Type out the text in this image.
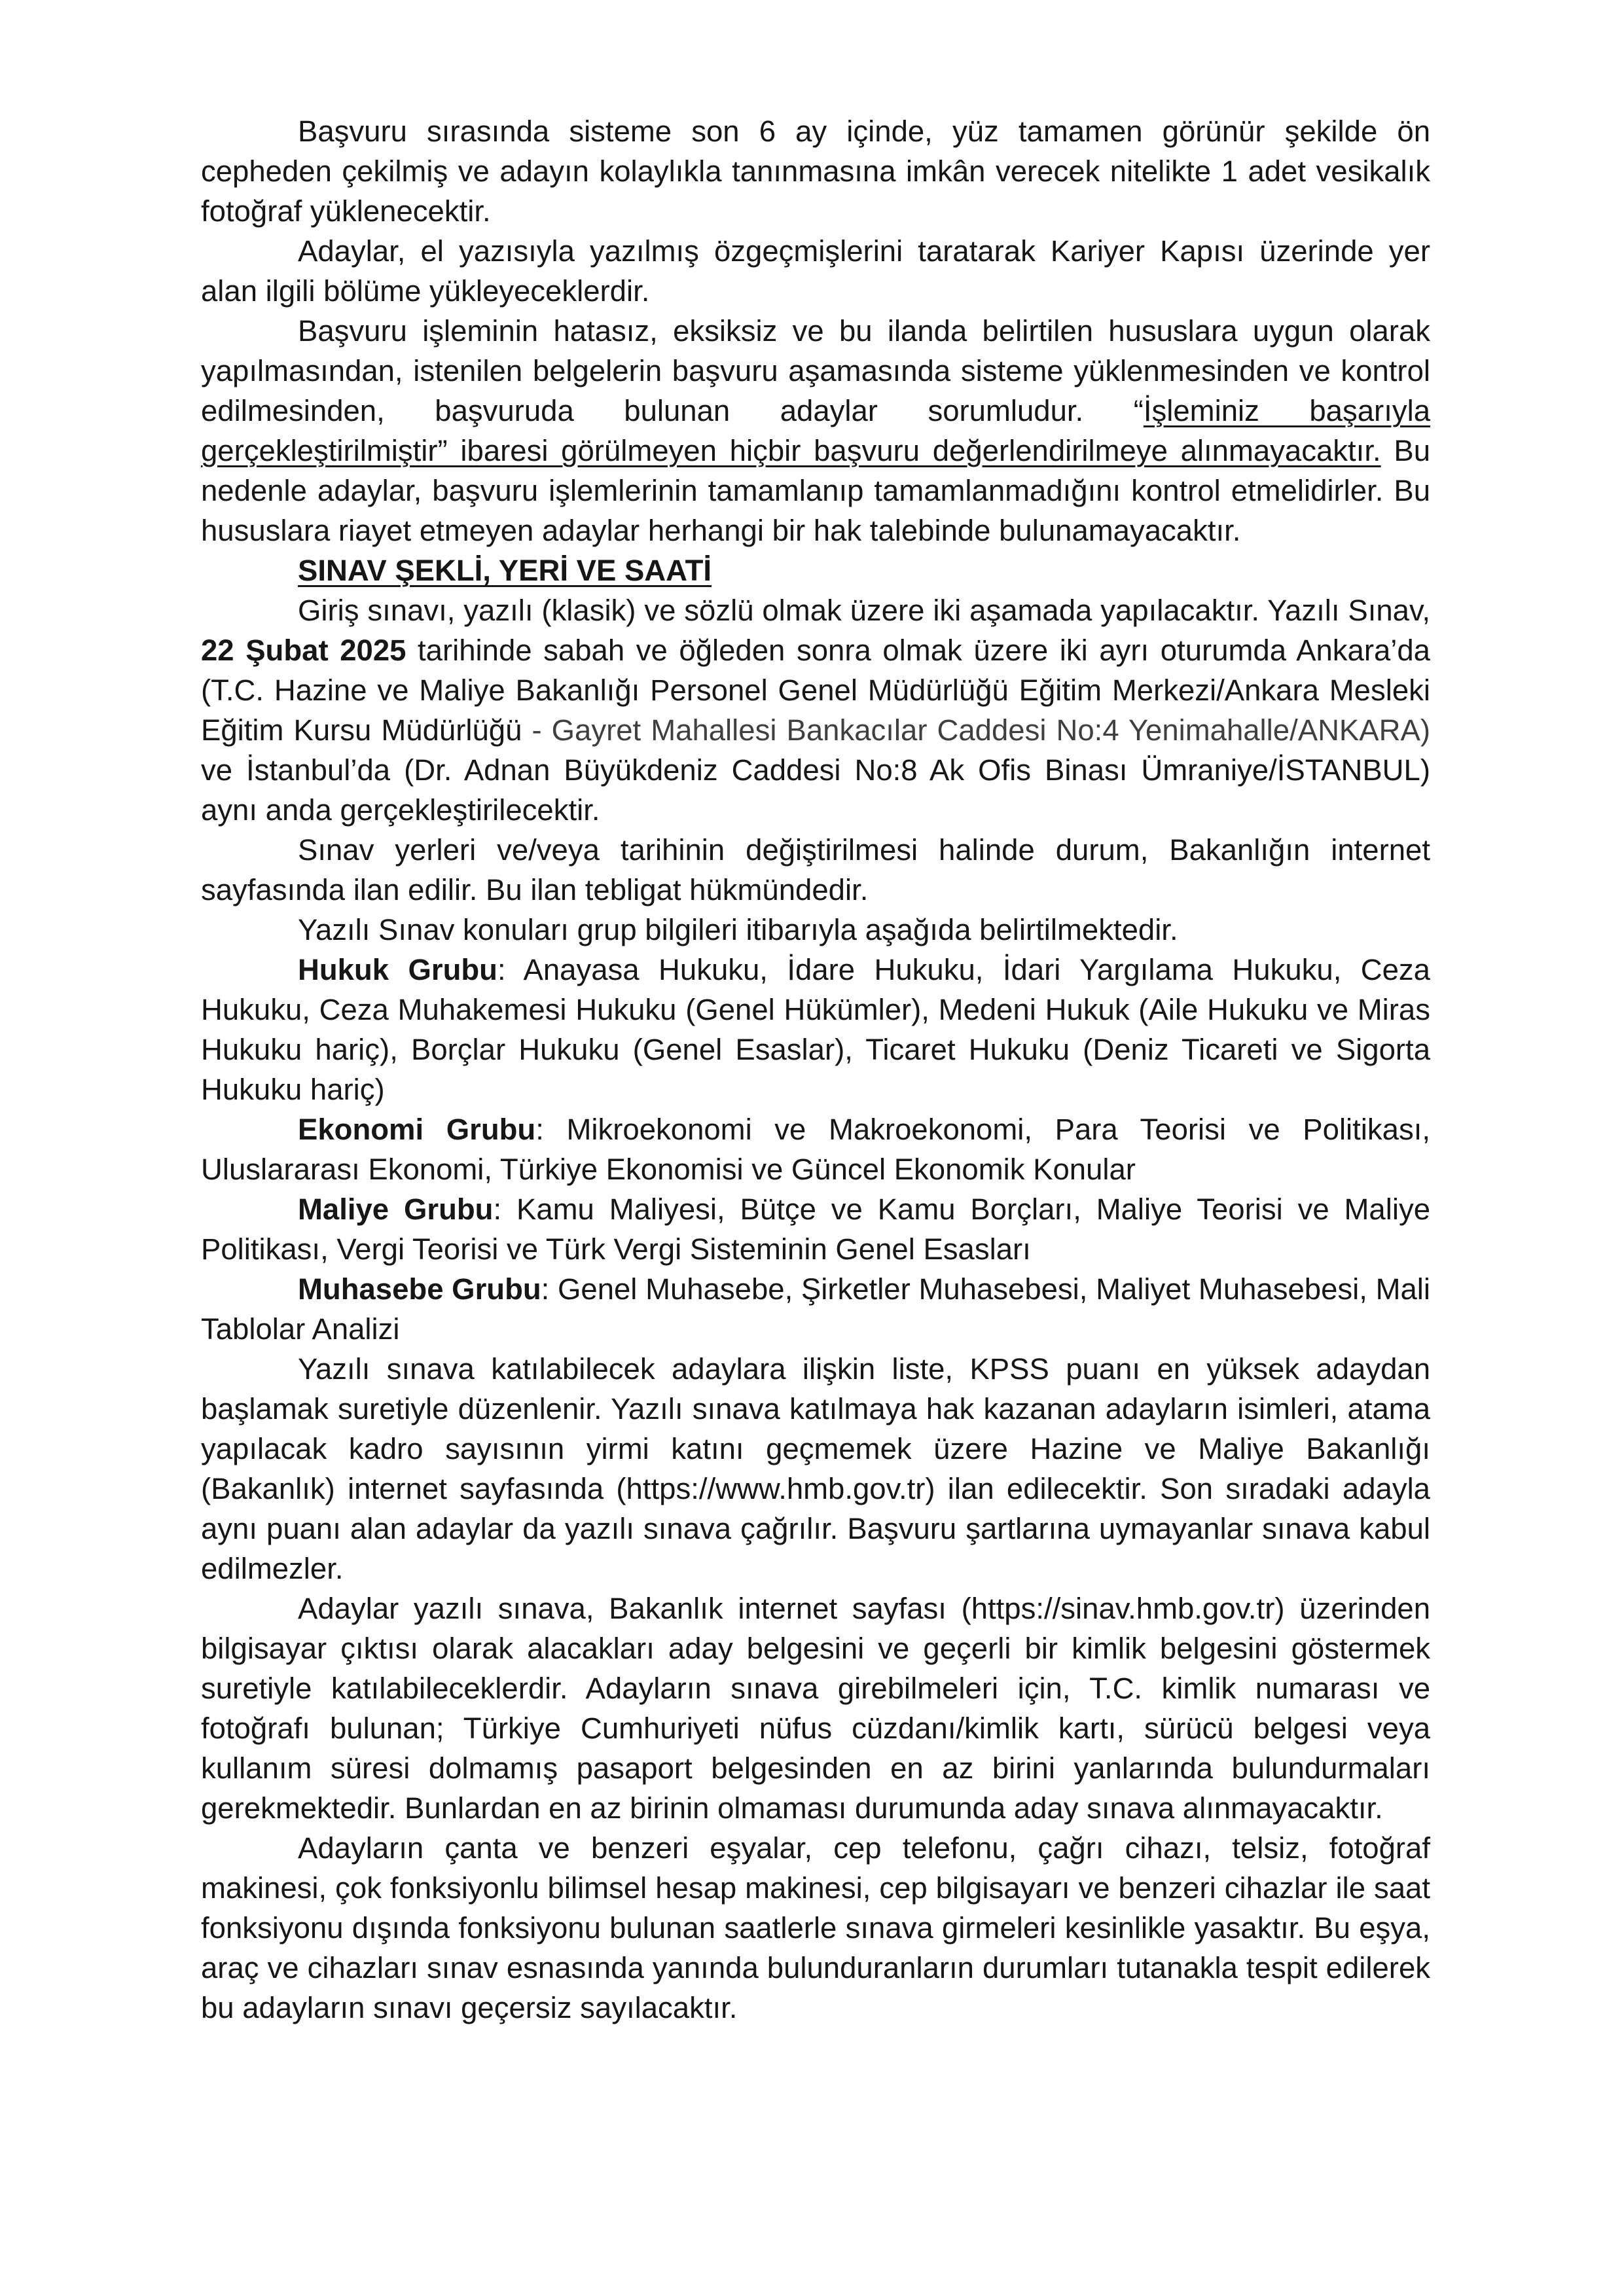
Başvuru sırasında sisteme son 6 ay içinde, yüz tamamen görünür şekilde ön cepheden çekilmiş ve adayın kolaylıkla tanınmasına imkân verecek nitelikte 1 adet vesikalık fotoğraf yüklenecektir.

Adaylar, el yazısıyla yazılmış özgeçmişlerini taratarak Kariyer Kapısı üzerinde yer alan ilgili bölüme yükleyeceklerdir.

Başvuru işleminin hatasız, eksiksiz ve bu ilanda belirtilen hususlara uygun olarak yapılmasından, istenilen belgelerin başvuru aşamasında sisteme yüklenmesinden ve kontrol edilmesinden, başvuruda bulunan adaylar sorumludur. “İşleminiz başarıyla gerçekleştirilmiştir” ibaresi görülmeyen hiçbir başvuru değerlendirilmeye alınmayacaktır. Bu nedenle adaylar, başvuru işlemlerinin tamamlanıp tamamlanmadığını kontrol etmelidirler. Bu hususlara riayet etmeyen adaylar herhangi bir hak talebinde bulunamayacaktır.

SINAV ŞEKLİ, YERİ VE SAATİ

Giriş sınavı, yazılı (klasik) ve sözlü olmak üzere iki aşamada yapılacaktır. Yazılı Sınav, 22 Şubat 2025 tarihinde sabah ve öğleden sonra olmak üzere iki ayrı oturumda Ankara’da (T.C. Hazine ve Maliye Bakanlığı Personel Genel Müdürlüğü Eğitim Merkezi/Ankara Mesleki Eğitim Kursu Müdürlüğü - Gayret Mahallesi Bankacılar Caddesi No:4 Yenimahalle/ANKARA) ve İstanbul’da (Dr. Adnan Büyükdeniz Caddesi No:8 Ak Ofis Binası Ümraniye/İSTANBUL) aynı anda gerçekleştirilecektir.

Sınav yerleri ve/veya tarihinin değiştirilmesi halinde durum, Bakanlığın internet sayfasında ilan edilir. Bu ilan tebligat hükmündedir.

Yazılı Sınav konuları grup bilgileri itibarıyla aşağıda belirtilmektedir.

Hukuk Grubu: Anayasa Hukuku, İdare Hukuku, İdari Yargılama Hukuku, Ceza Hukuku, Ceza Muhakemesi Hukuku (Genel Hükümler), Medeni Hukuk (Aile Hukuku ve Miras Hukuku hariç), Borçlar Hukuku (Genel Esaslar), Ticaret Hukuku (Deniz Ticareti ve Sigorta Hukuku hariç)

Ekonomi Grubu: Mikroekonomi ve Makroekonomi, Para Teorisi ve Politikası, Uluslararası Ekonomi, Türkiye Ekonomisi ve Güncel Ekonomik Konular

Maliye Grubu: Kamu Maliyesi, Bütçe ve Kamu Borçları, Maliye Teorisi ve Maliye Politikası, Vergi Teorisi ve Türk Vergi Sisteminin Genel Esasları

Muhasebe Grubu: Genel Muhasebe, Şirketler Muhasebesi, Maliyet Muhasebesi, Mali Tablolar Analizi

Yazılı sınava katılabilecek adaylara ilişkin liste, KPSS puanı en yüksek adaydan başlamak suretiyle düzenlenir. Yazılı sınava katılmaya hak kazanan adayların isimleri, atama yapılacak kadro sayısının yirmi katını geçmemek üzere Hazine ve Maliye Bakanlığı (Bakanlık) internet sayfasında (https://www.hmb.gov.tr) ilan edilecektir. Son sıradaki adayla aynı puanı alan adaylar da yazılı sınava çağrılır. Başvuru şartlarına uymayanlar sınava kabul edilmezler.

Adaylar yazılı sınava, Bakanlık internet sayfası (https://sinav.hmb.gov.tr) üzerinden bilgisayar çıktısı olarak alacakları aday belgesini ve geçerli bir kimlik belgesini göstermek suretiyle katılabileceklerdir. Adayların sınava girebilmeleri için, T.C. kimlik numarası ve fotoğrafı bulunan; Türkiye Cumhuriyeti nüfus cüzdanı/kimlik kartı, sürücü belgesi veya kullanım süresi dolmamış pasaport belgesinden en az birini yanlarında bulundurmaları gerekmektedir. Bunlardan en az birinin olmaması durumunda aday sınava alınmayacaktır.

Adayların çanta ve benzeri eşyalar, cep telefonu, çağrı cihazı, telsiz, fotoğraf makinesi, çok fonksiyonlu bilimsel hesap makinesi, cep bilgisayarı ve benzeri cihazlar ile saat fonksiyonu dışında fonksiyonu bulunan saatlerle sınava girmeleri kesinlikle yasaktır. Bu eşya, araç ve cihazları sınav esnasında yanında bulunduranların durumları tutanakla tespit edilerek bu adayların sınavı geçersiz sayılacaktır.
